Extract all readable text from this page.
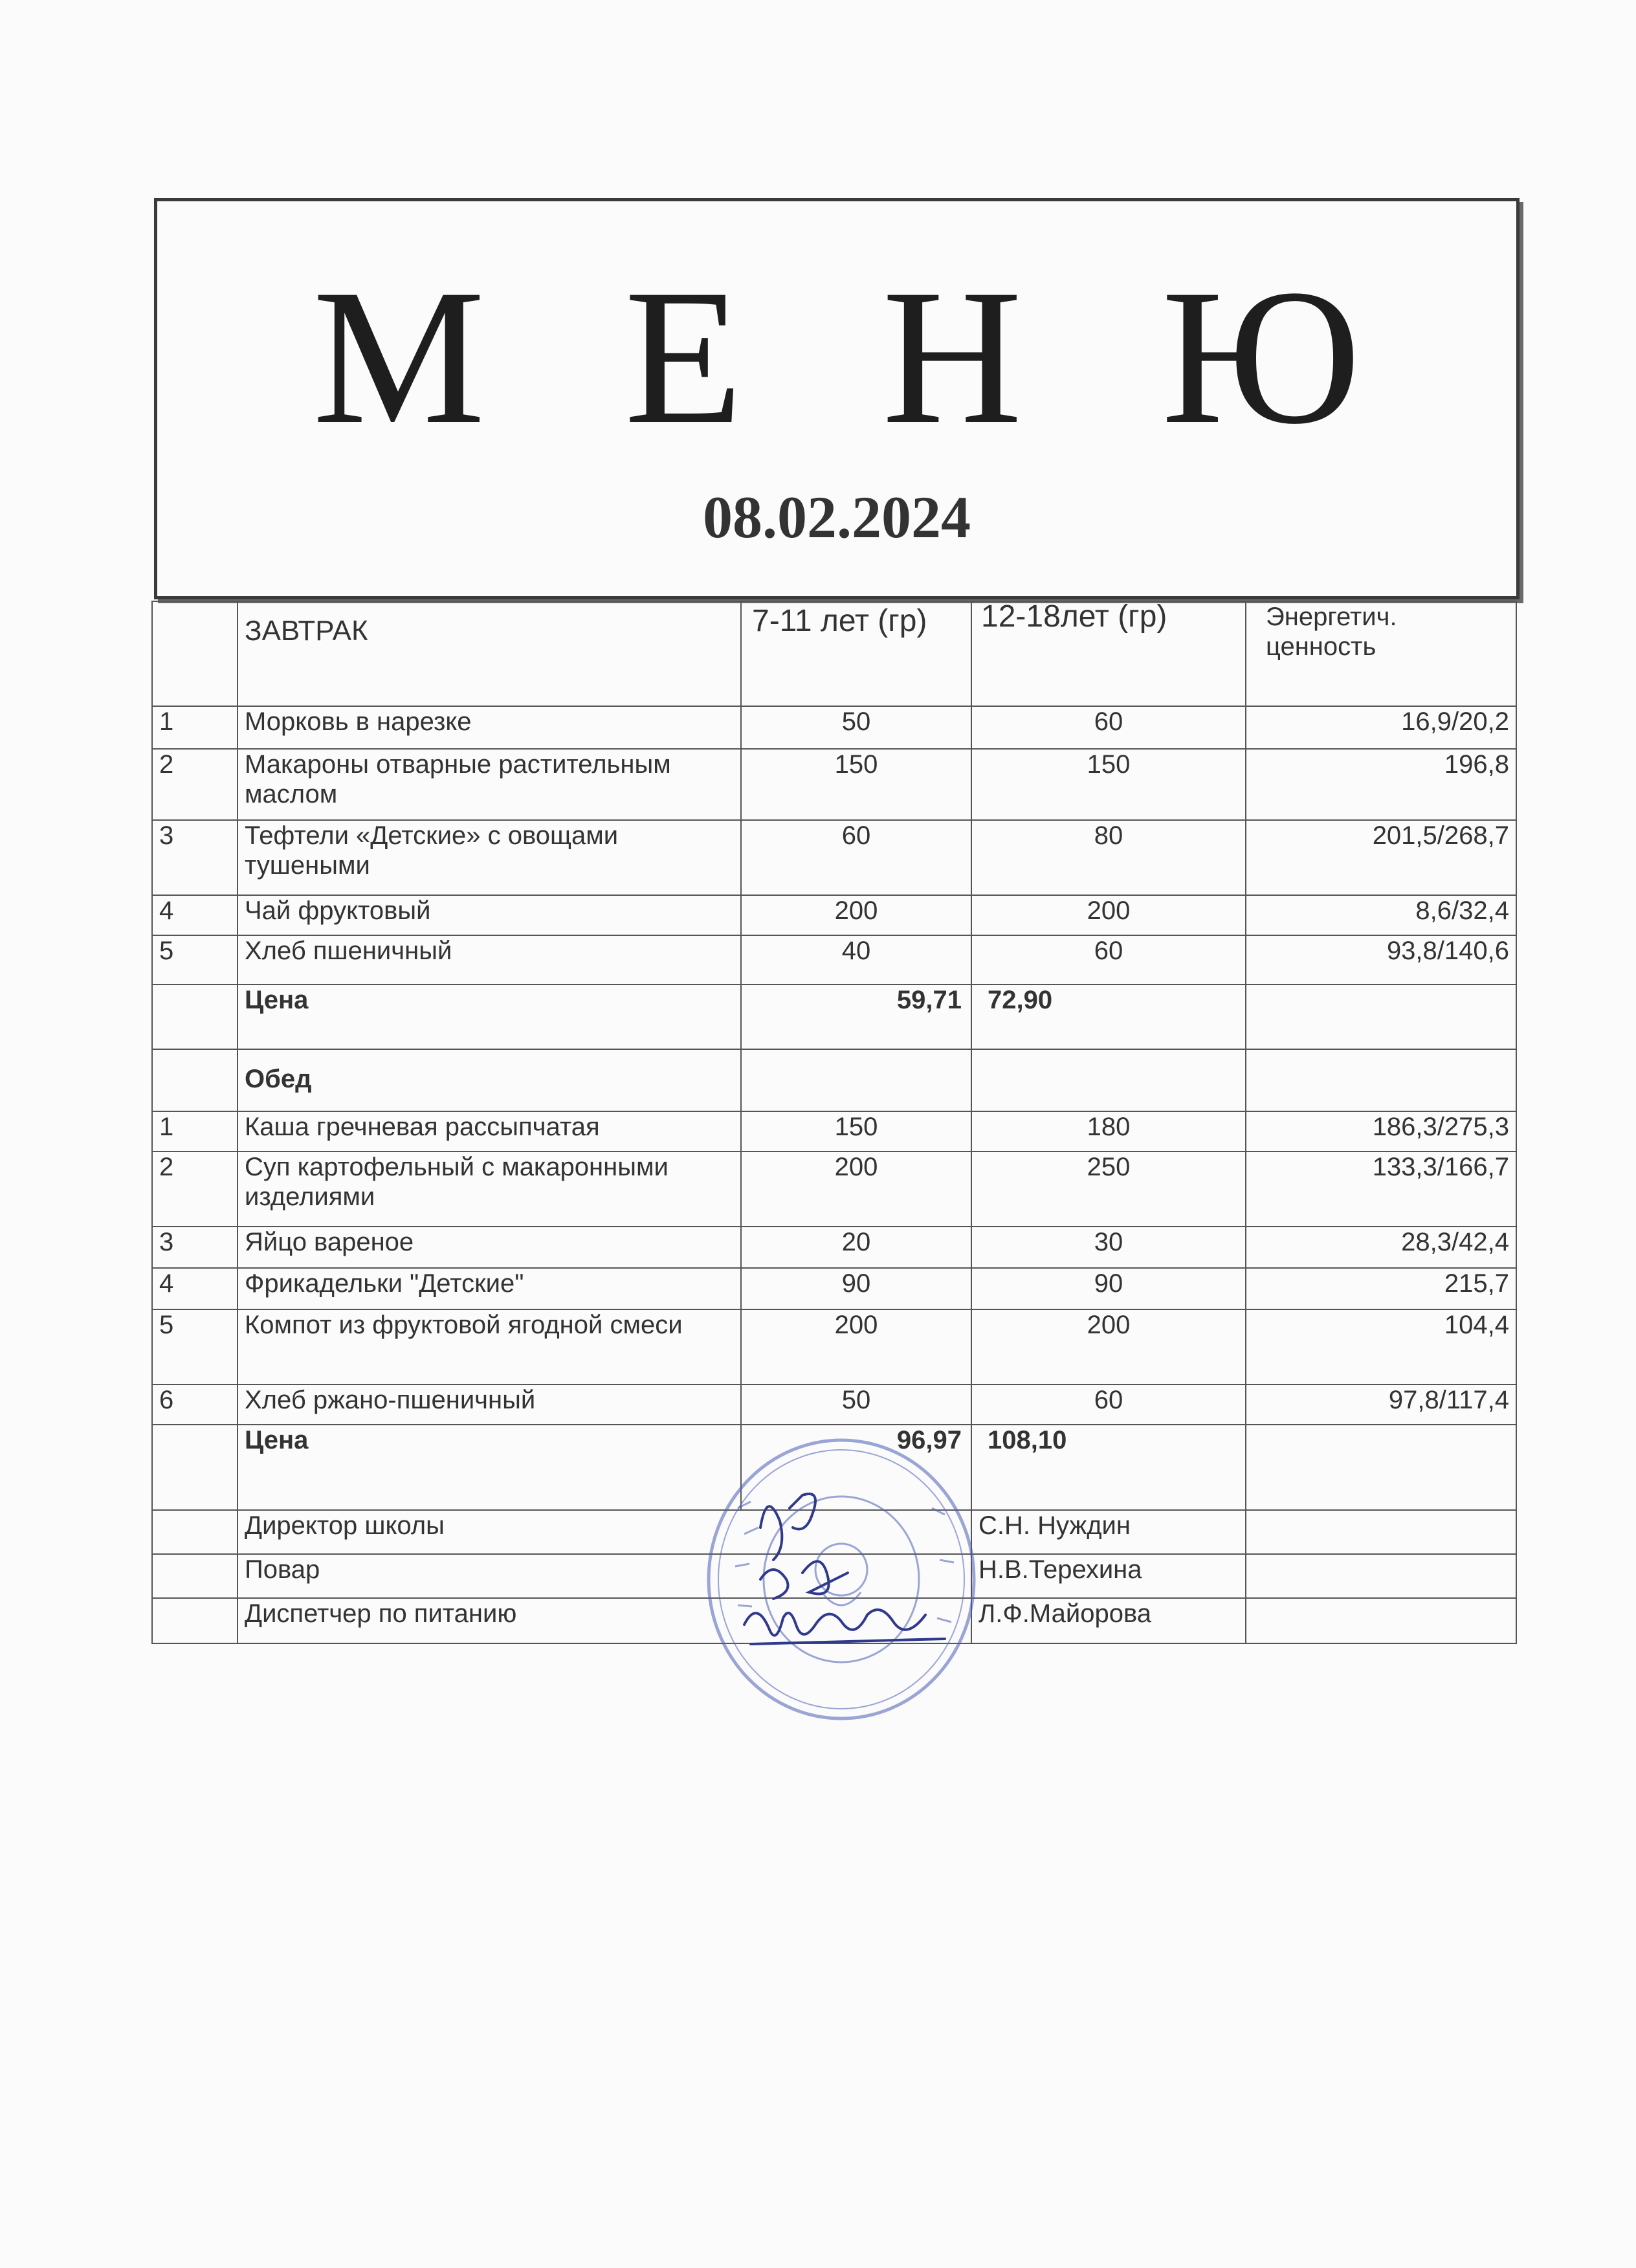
М Е Н Ю
08.02.2024
	ЗАВТРАК	7-11 лет (гр)	12-18лет (гр)	Энергетич. ценность
1	Морковь в нарезке	50	60	16,9/20,2
2	Макароны отварные растительным маслом	150	150	196,8
3	Тефтели «Детские» с овощами тушеными	60	80	201,5/268,7
4	Чай фруктовый	200	200	8,6/32,4
5	Хлеб пшеничный	40	60	93,8/140,6
	Цена	59,71	72,90	
	Обед			
1	Каша гречневая рассыпчатая	150	180	186,3/275,3
2	Суп картофельный с макаронными изделиями	200	250	133,3/166,7
3	Яйцо вареное	20	30	28,3/42,4
4	Фрикадельки "Детские"	90	90	215,7
5	Компот из фруктовой ягодной смеси	200	200	104,4
6	Хлеб ржано-пшеничный	50	60	97,8/117,4
	Цена	96,97	108,10	
	Директор школы		С.Н. Нуждин	
	Повар		Н.В.Терехина	
	Диспетчер по питанию		Л.Ф.Майорова	
